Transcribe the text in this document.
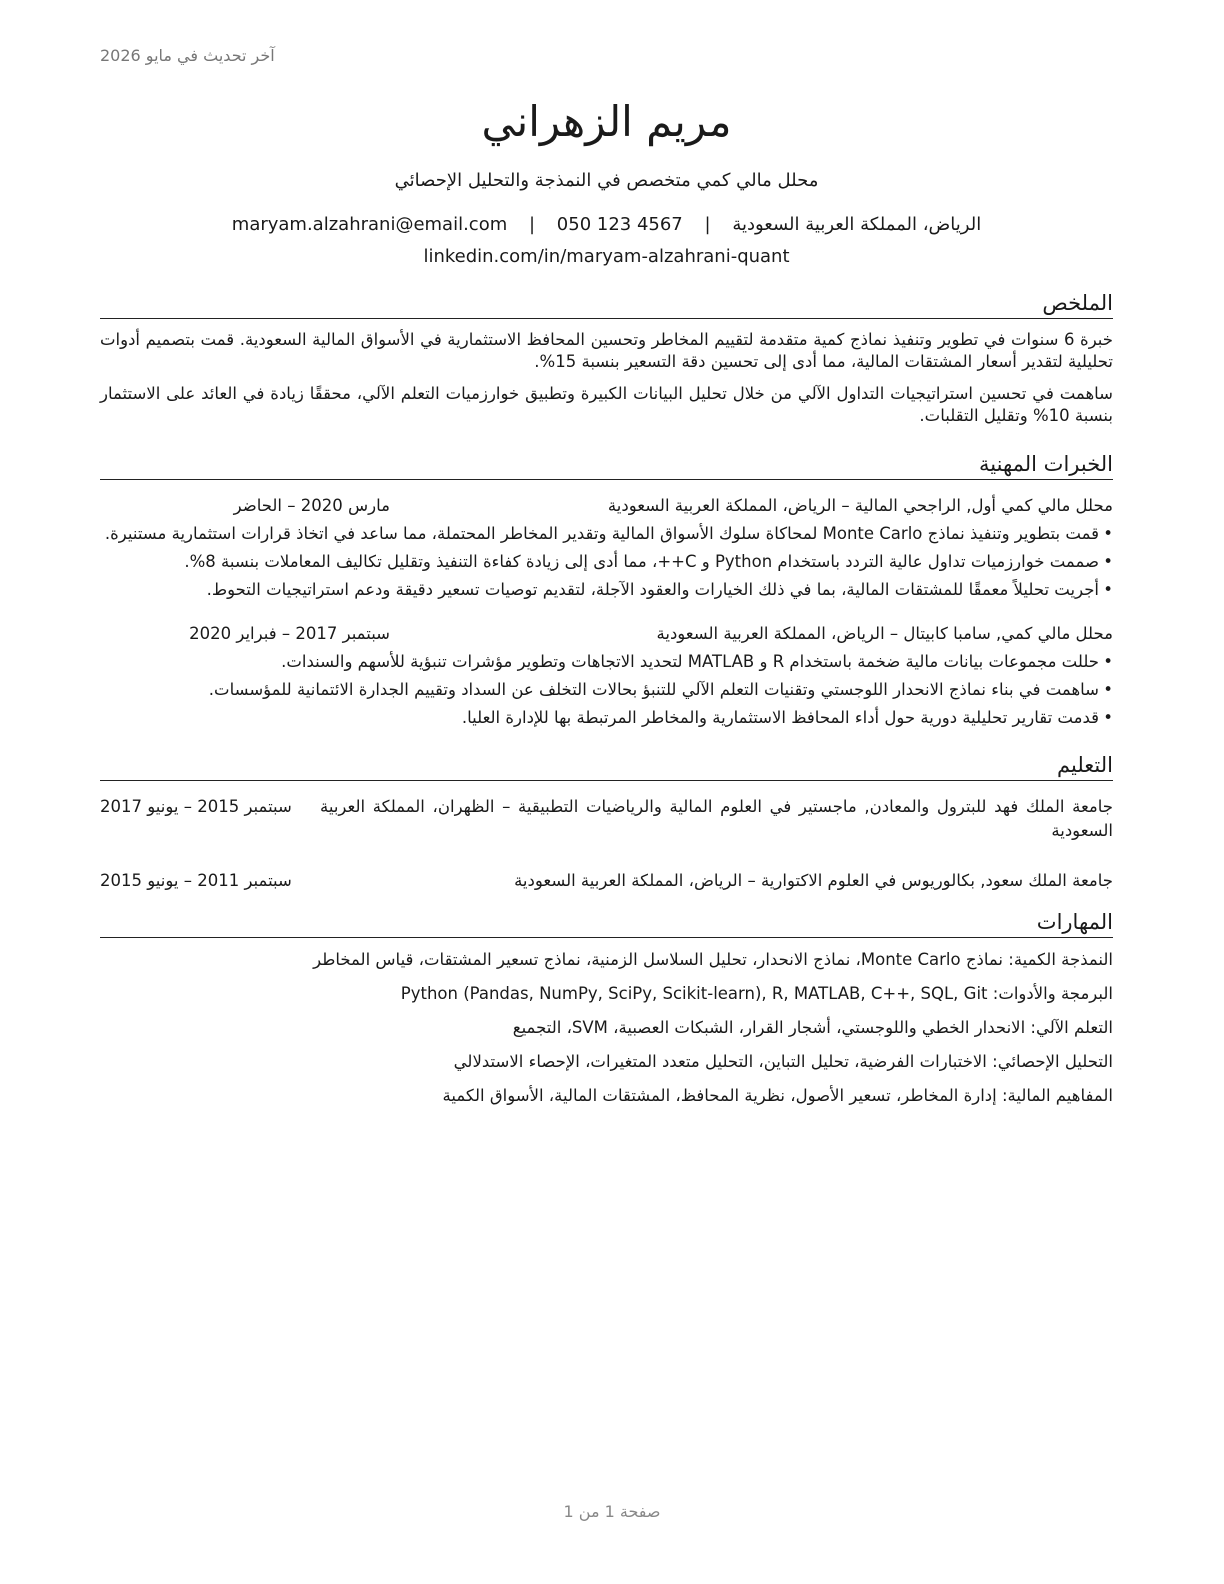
آخر تحديث في مايو 2026
مريم الزهراني
محلل مالي كمي متخصص في النمذجة والتحليل الإحصائي
الرياض، المملكة العربية السعودية | maryam.alzahrani@email.com | 050 123 4567
linkedin.com/in/maryam-alzahrani-quant
الملخص
خبرة 6 سنوات في تطوير وتنفيذ نماذج كمية متقدمة لتقييم المخاطر وتحسين المحافظ الاستثمارية في الأسواق المالية السعودية. قمت بتصميم أدوات تحليلية لتقدير أسعار المشتقات المالية، مما أدى إلى تحسين دقة التسعير بنسبة 15%.
ساهمت في تحسين استراتيجيات التداول الآلي من خلال تحليل البيانات الكبيرة وتطبيق خوارزميات التعلم الآلي، محققًا زيادة في العائد على الاستثمار بنسبة 10% وتقليل التقلبات.
الخبرات المهنية
محلل مالي كمي أول, الراجحي المالية – الرياض، المملكة العربية السعودية
مارس 2020 – الحاضر
• قمت بتطوير وتنفيذ نماذج Monte Carlo لمحاكاة سلوك الأسواق المالية وتقدير المخاطر المحتملة، مما ساعد في اتخاذ قرارات استثمارية مستنيرة.
• صممت خوارزميات تداول عالية التردد باستخدام Python و C++، مما أدى إلى زيادة كفاءة التنفيذ وتقليل تكاليف المعاملات بنسبة 8%.
• أجريت تحليلاً معمقًا للمشتقات المالية، بما في ذلك الخيارات والعقود الآجلة، لتقديم توصيات تسعير دقيقة ودعم استراتيجيات التحوط.
محلل مالي كمي, سامبا كابيتال – الرياض، المملكة العربية السعودية
سبتمبر 2017 – فبراير 2020
• حللت مجموعات بيانات مالية ضخمة باستخدام R و MATLAB لتحديد الاتجاهات وتطوير مؤشرات تنبؤية للأسهم والسندات.
• ساهمت في بناء نماذج الانحدار اللوجستي وتقنيات التعلم الآلي للتنبؤ بحالات التخلف عن السداد وتقييم الجدارة الائتمانية للمؤسسات.
• قدمت تقارير تحليلية دورية حول أداء المحافظ الاستثمارية والمخاطر المرتبطة بها للإدارة العليا.
التعليم
جامعة الملك فهد للبترول والمعادن, ماجستير في العلوم المالية والرياضيات التطبيقية – الظهران، المملكة العربية السعودية
سبتمبر 2015 – يونيو 2017
جامعة الملك سعود, بكالوريوس في العلوم الاكتوارية – الرياض، المملكة العربية السعودية
سبتمبر 2011 – يونيو 2015
المهارات
النمذجة الكمية: نماذج Monte Carlo، نماذج الانحدار، تحليل السلاسل الزمنية، نماذج تسعير المشتقات، قياس المخاطر
البرمجة والأدوات: Python (Pandas, NumPy, SciPy, Scikit-learn), R, MATLAB, C++, SQL, Git
التعلم الآلي: الانحدار الخطي واللوجستي، أشجار القرار، الشبكات العصبية، SVM، التجميع
التحليل الإحصائي: الاختبارات الفرضية، تحليل التباين، التحليل متعدد المتغيرات، الإحصاء الاستدلالي
المفاهيم المالية: إدارة المخاطر، تسعير الأصول، نظرية المحافظ، المشتقات المالية، الأسواق الكمية
صفحة 1 من 1
